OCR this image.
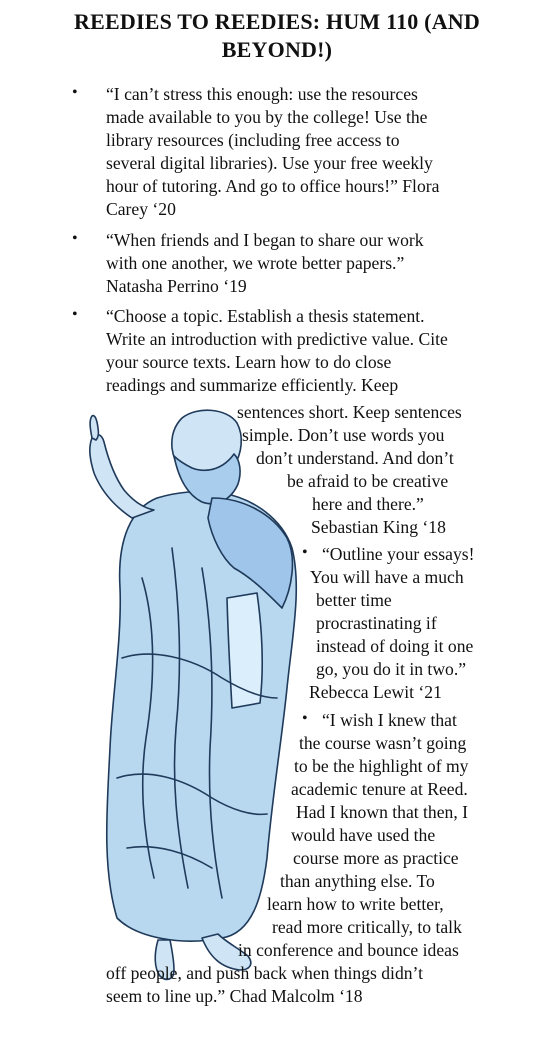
REEDIES TO REEDIES: HUM 110 (AND
BEYOND!)
• “I can’t stress this enough: use the resources
made available to you by the college! Use the
library resources (including free access to
several digital libraries). Use your free weekly
hour of tutoring. And go to office hours!” Flora
Carey ‘20
• “When friends and I began to share our work
with one another, we wrote better papers.”
Natasha Perrino ‘19
• “Choose a topic. Establish a thesis statement.
Write an introduction with predictive value. Cite
your source texts. Learn how to do close
readings and summarize efficiently. Keep
sentences short. Keep sentences
simple. Don’t use words you
don’t understand. And don’t
be afraid to be creative
here and there.”
Sebastian King ‘18
• “Outline your essays!
You will have a much
better time
procrastinating if
instead of doing it one
go, you do it in two.”
Rebecca Lewit ‘21
• “I wish I knew that
the course wasn’t going
to be the highlight of my
academic tenure at Reed.
Had I known that then, I
would have used the
course more as practice
than anything else. To
learn how to write better,
read more critically, to talk
in conference and bounce ideas
off people, and push back when things didn’t
seem to line up.” Chad Malcolm ‘18
